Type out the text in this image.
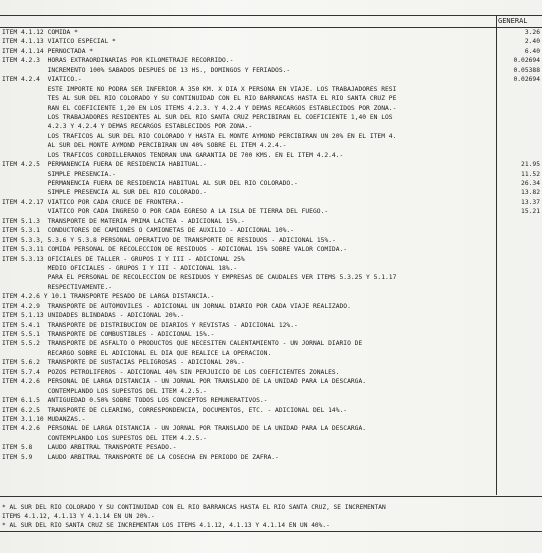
GENERAL
ITEM 4.1.12 COMIDA *	3.26
ITEM 4.1.13 VIATICO ESPECIAL *	2.40
ITEM 4.1.14 PERNOCTADA *	6.40
ITEM 4.2.3 HORAS EXTRAORDINARIAS POR KILOMETRAJE RECORRIDO.-	0.02694
INCREMENTO 100% SABADOS DESPUES DE 13 HS., DOMINGOS Y FERIADOS.-	0.05388
ITEM 4.2.4 VIATICO.-	0.02694
ESTE IMPORTE NO PODRA SER INFERIOR A 350 KM. X DIA X PERSONA EN VIAJE. LOS TRABAJADORES RESI
TES AL SUR DEL RIO COLORADO Y SU CONTINUIDAD CON EL RIO BARRANCAS HASTA EL RIO SANTA CRUZ PE
RAN EL COEFICIENTE 1,20 EN LOS ITEMS 4.2.3. Y 4.2.4 Y DEMAS RECARGOS ESTABLECIDOS POR ZONA.-
LOS TRABAJADORES RESIDENTES AL SUR DEL RIO SANTA CRUZ PERCIBIRAN EL COEFICIENTE 1,40 EN LOS
4.2.3 Y 4.2.4 Y DEMAS RECARGOS ESTABLECIDOS POR ZONA.-
LOS TRAFICOS AL SUR DEL RIO COLORADO Y HASTA EL MONTE AYMOND PERCIBIRAN UN 20% EN EL ITEM 4.
AL SUR DEL MONTE AYMOND PERCIBIRAN UN 40% SOBRE EL ITEM 4.2.4.-
LOS TRAFICOS CORDILLERANOS TENDRAN UNA GARANTIA DE 700 KMS. EN EL ITEM 4.2.4.-
ITEM 4.2.5 PERMANENCIA FUERA DE RESIDENCIA HABITUAL.-	21.95
SIMPLE PRESENCIA.-	11.52
PERMANENCIA FUERA DE RESIDENCIA HABITUAL AL SUR DEL RIO COLORADO.-	26.34
SIMPLE PRESENCIA AL SUR DEL RIO COLORADO.-	13.82
ITEM 4.2.17 VIATICO POR CADA CRUCE DE FRONTERA.-	13.37
VIATICO POR CADA INGRESO O POR CADA EGRESO A LA ISLA DE TIERRA DEL FUEGO.-	15.21
ITEM 5.1.3 TRANSPORTE DE MATERIA PRIMA LACTEA - ADICIONAL 15%.-
ITEM 5.3.1 CONDUCTORES DE CAMIONES O CAMIONETAS DE AUXILIO - ADICIONAL 10%.-
ITEM 5.3.3, 5.3.6 Y 5.3.8 PERSONAL OPERATIVO DE TRANSPORTE DE RESIDUOS - ADICIONAL 15%.-
ITEM 5.3.11 COMIDA PERSONAL DE RECOLECCION DE RESIDUOS - ADICIONAL 15% SOBRE VALOR COMIDA.-
ITEM 5.3.13 OFICIALES DE TALLER - GRUPOS I Y III - ADICIONAL 25%
MEDIO OFICIALES - GRUPOS I Y III - ADICIONAL 18%.-
PARA EL PERSONAL DE RECOLECCION DE RESIDUOS Y EMPRESAS DE CAUDALES VER ITEMS 5.3.25 Y 5.1.17
RESPECTIVAMENTE.-
ITEM 4.2.6 Y 10.1 TRANSPORTE PESADO DE LARGA DISTANCIA.-
ITEM 4.2.9 TRANSPORTE DE AUTOMOVILES - ADICIONAL UN JORNAL DIARIO POR CADA VIAJE REALIZADO.
ITEM 5.1.13 UNIDADES BLINDADAS - ADICIONAL 20%.-
ITEM 5.4.1 TRANSPORTE DE DISTRIBUCION DE DIARIOS Y REVISTAS - ADICIONAL 12%.-
ITEM 5.5.1 TRANSPORTE DE COMBUSTIBLES - ADICIONAL 15%.-
ITEM 5.5.2 TRANSPORTE DE ASFALTO O PRODUCTOS QUE NECESITEN CALENTAMIENTO - UN JORNAL DIARIO DE
RECARGO SOBRE EL ADICIONAL EL DIA QUE REALICE LA OPERACION.
ITEM 5.6.2 TRANSPORTE DE SUSTACIAS PELIGROSAS - ADICIONAL 20%.-
ITEM 5.7.4 POZOS PETROLIFEROS - ADICIONAL 40% SIN PERJUICIO DE LOS COEFICIENTES ZONALES.
ITEM 4.2.6 PERSONAL DE LARGA DISTANCIA - UN JORNAL POR TRANSLADO DE LA UNIDAD PARA LA DESCARGA.
CONTEMPLANDO LOS SUPESTOS DEL ITEM 4.2.5.-
ITEM 6.1.5 ANTIGUEDAD 0.50% SOBRE TODOS LOS CONCEPTOS REMUNERATIVOS.-
ITEM 6.2.5 TRANSPORTE DE CLEARING, CORRESPONDENCIA, DOCUMENTOS, ETC. - ADICIONAL DEL 14%.-
ITEM 3.1.10 MUDANZAS.-
ITEM 4.2.6 PERSONAL DE LARGA DISTANCIA - UN JORNAL POR TRANSLADO DE LA UNIDAD PARA LA DESCARGA.
CONTEMPLANDO LOS SUPESTOS DEL ITEM 4.2.5.-
ITEM 5.8 LAUDO ARBITRAL TRANSPORTE PESADO.-
ITEM 5.9 LAUDO ARBITRAL TRANSPORTE DE LA COSECHA EN PERIODO DE ZAFRA.-
* AL SUR DEL RIO COLORADO Y SU CONTINUIDAD CON EL RIO BARRANCAS HASTA EL RIO SANTA CRUZ, SE INCREMENTAN
ITEMS 4.1.12, 4.1.13 Y 4.1.14 EN UN 20%.-
* AL SUR DEL RIO SANTA CRUZ SE INCREMENTAN LOS ITEMS 4.1.12, 4.1.13 Y 4.1.14 EN UN 40%.-
